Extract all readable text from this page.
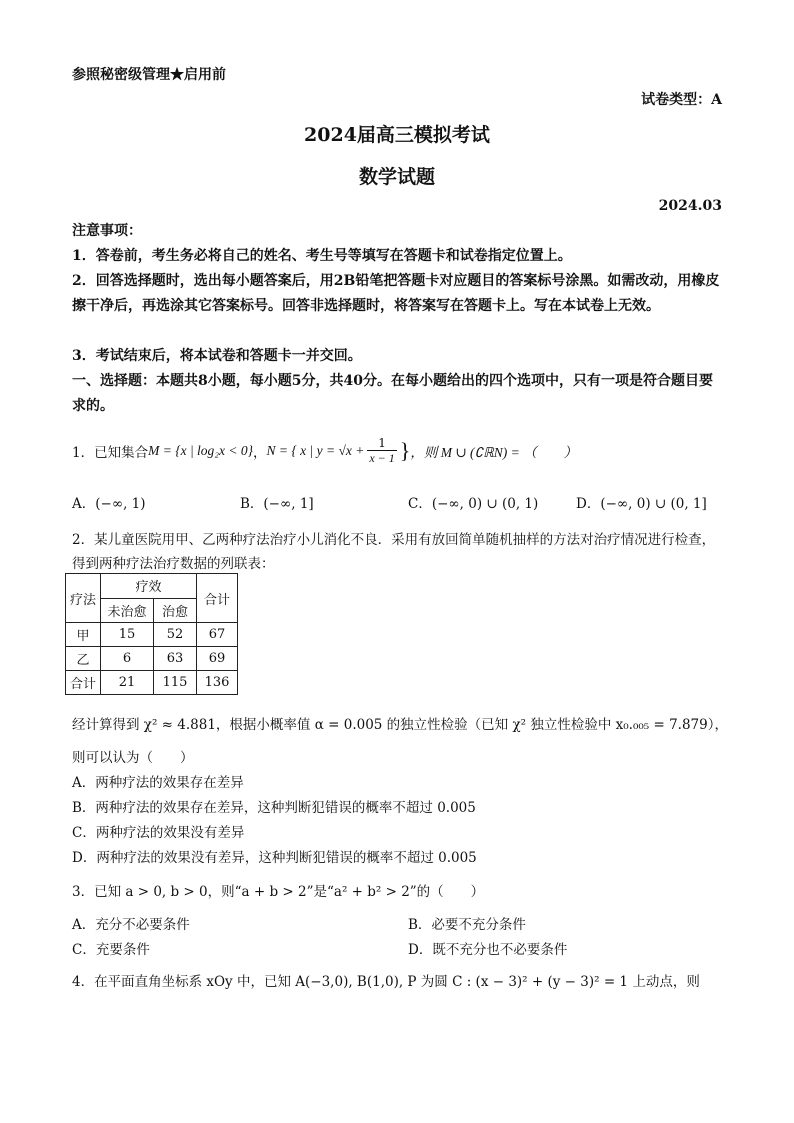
参照秘密级管理★启用前
试卷类型：A
2024届高三模拟考试
数学试题
2024.03
注意事项：
1．答卷前，考生务必将自己的姓名、考生号等填写在答题卡和试卷指定位置上。
2．回答选择题时，选出每小题答案后，用2B铅笔把答题卡对应题目的答案标号涂黑。如需改动，用橡皮擦干净后，再选涂其它答案标号。回答非选择题时，将答案写在答题卡上。写在本试卷上无效。
3．考试结束后，将本试卷和答题卡一并交回。
一、选择题：本题共8小题，每小题5分，共40分。在每小题给出的四个选项中，只有一项是符合题目要求的。
1．已知集合 M = {x | log₂x < 0} ， N = { x | $y = √x + \frac{1}{x - 1}$ } ，则 M ∪ (∁ℝN) = （　　）
A．(−∞, 1)	B．(−∞, 1]	C．(−∞, 0) ∪ (0, 1)	D．(−∞, 0) ∪ (0, 1]
2．某儿童医院用甲、乙两种疗法治疗小儿消化不良．采用有放回简单随机抽样的方法对治疗情况进行检查，
得到两种疗法治疗数据的列联表：
疗法	疗效		合计
	未治愈	治愈	
甲	15	52	67
乙	6	63	69
合计	21	115	136
经计算得到 χ² ≈ 4.881，根据小概率值 α = 0.005 的独立性检验（已知 χ² 独立性检验中 x₀.₀₀₅ = 7.879），
则可以认为（　　）
A．两种疗法的效果存在差异
B．两种疗法的效果存在差异，这种判断犯错误的概率不超过 0.005
C．两种疗法的效果没有差异
D．两种疗法的效果没有差异，这种判断犯错误的概率不超过 0.005
3．已知 a > 0, b > 0，则“a + b > 2”是“a² + b² > 2”的（　　）
A．充分不必要条件	B．必要不充分条件
C．充要条件	D．既不充分也不必要条件
4．在平面直角坐标系 xOy 中，已知 A(−3,0), B(1,0), P 为圆 C : (x − 3)² + (y − 3)² = 1 上动点，则
